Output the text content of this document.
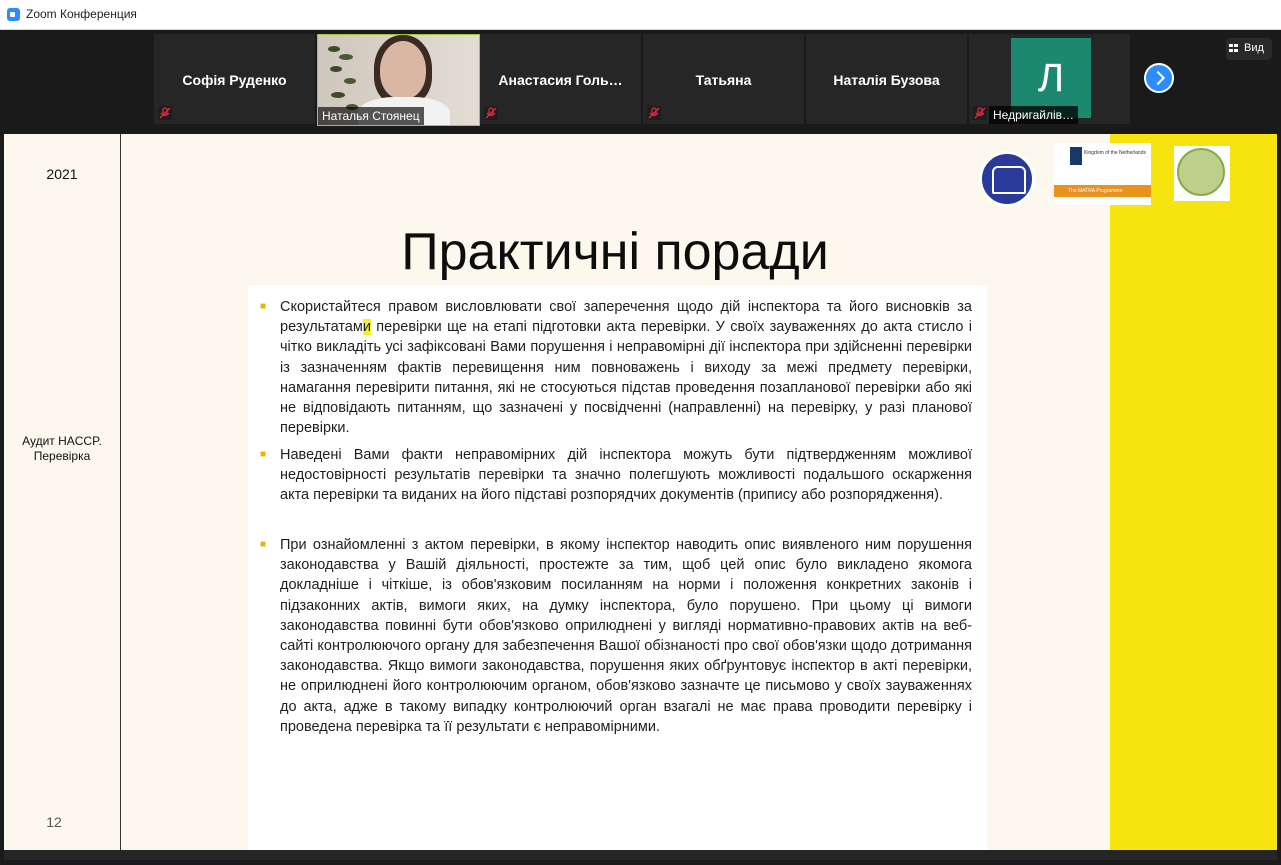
Zoom Конференция
Софія Руденко
Наталья Стоянец
Анастасия Голь…	Татьяна	Наталія Бузова	Л
Недригайлів…
Вид
2021
Аудит HACCP.
Перевірка
12
Kingdom of the Netherlands
The MATRA Programme
Практичні поради
■ Скористайтеся правом висловлювати свої заперечення щодо дій інспектора та його висновків за результатами перевірки ще на етапі підготовки акта перевірки. У своїх зауваженнях до акта стисло і чітко викладіть усі зафіксовані Вами порушення і неправомірні дії інспектора при здійсненні перевірки із зазначенням фактів перевищення ним повноважень і виходу за межі предмету перевірки, намагання перевірити питання, які не стосуються підстав проведення позапланової перевірки або які не відповідають питанням, що зазначені у посвідченні (направленні) на перевірку, у разі планової перевірки.
■ Наведені Вами факти неправомірних дій інспектора можуть бути підтвердженням можливої недостовірності результатів перевірки та значно полегшують можливості подальшого оскарження акта перевірки та виданих на його підставі розпорядчих документів (припису або розпорядження).
■ При ознайомленні з актом перевірки, в якому інспектор наводить опис виявленого ним порушення законодавства у Вашій діяльності, простежте за тим, щоб цей опис було викладено якомога докладніше і чіткіше, із обов'язковим посиланням на норми і положення конкретних законів і підзаконних актів, вимоги яких, на думку інспектора, було порушено. При цьому ці вимоги законодавства повинні бути обов'язково оприлюднені у вигляді нормативно-правових актів на веб-сайті контролюючого органу для забезпечення Вашої обізнаності про свої обов'язки щодо дотримання законодавства. Якщо вимоги законодавства, порушення яких обґрунтовує інспектор в акті перевірки, не оприлюднені його контролюючим органом, обов'язково зазначте це письмово у своїх зауваженнях до акта, адже в такому випадку контролюючий орган взагалі не має права проводити перевірку і проведена перевірка та її результати є неправомірними.
